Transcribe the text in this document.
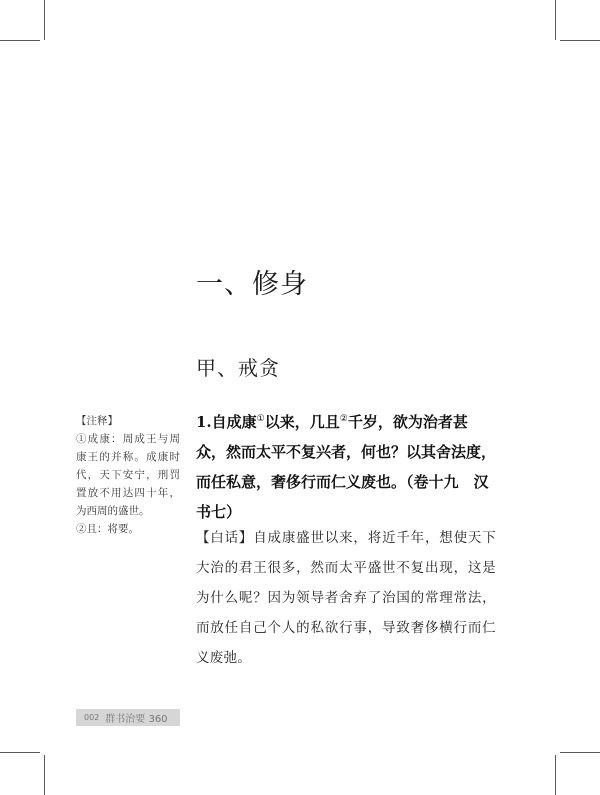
一、修身
甲、戒贪
【注释】
①成康：周成王与周康王的并称。成康时代，天下安宁，刑罚置放不用达四十年，为西周的盛世。
②且：将要。
1.自成康①以来，几且②千岁，欲为治者甚众，然而太平不复兴者，何也？以其舍法度，而任私意，奢侈行而仁义废也。（卷十九　汉书七）
【白话】自成康盛世以来，将近千年，想使天下大治的君王很多，然而太平盛世不复出现，这是为什么呢？因为领导者舍弃了治国的常理常法，而放任自己个人的私欲行事，导致奢侈横行而仁义废弛。
002 群书治要 360
